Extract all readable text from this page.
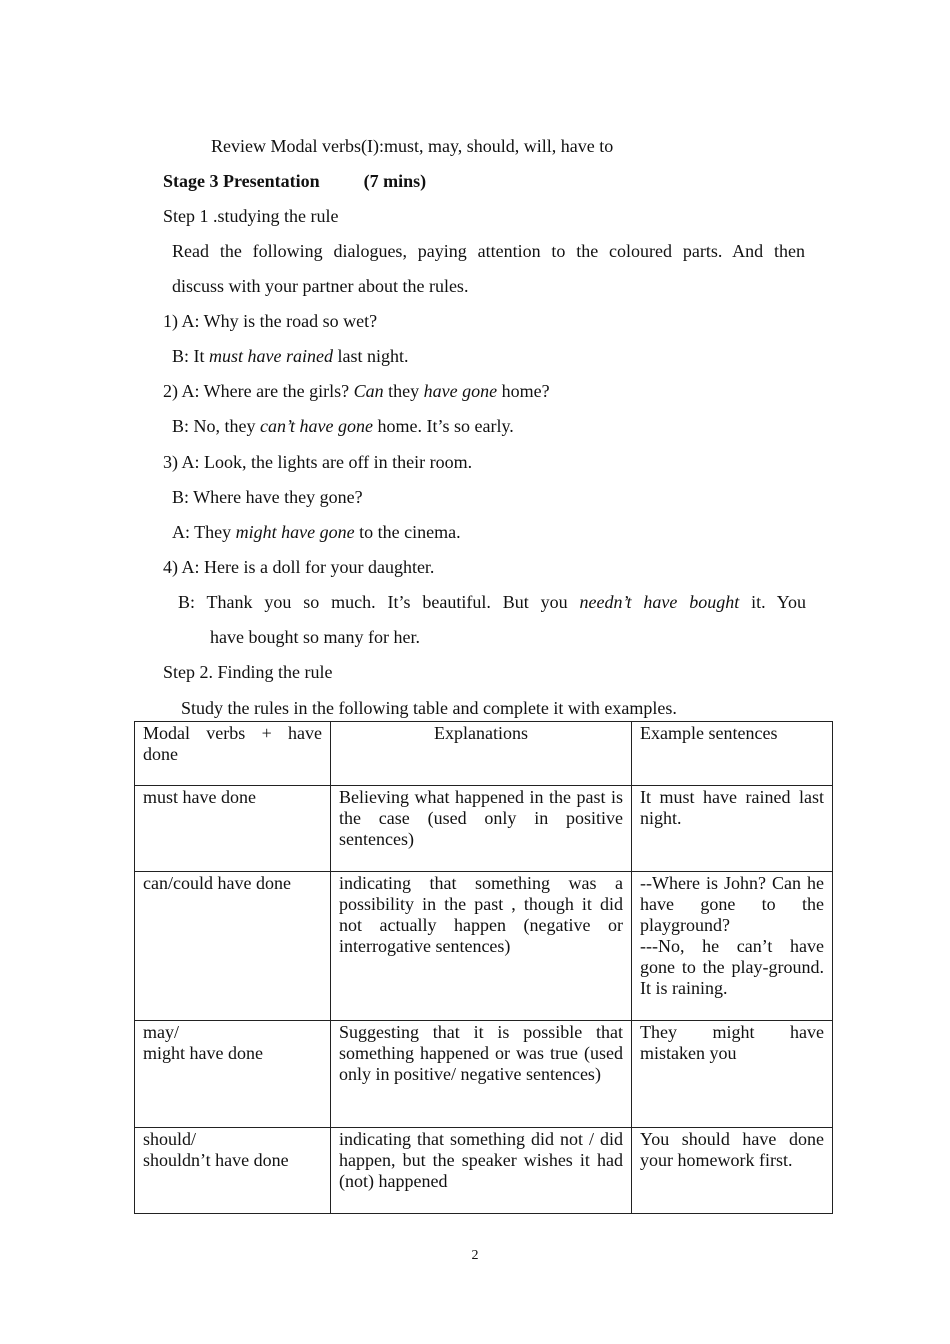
Review Modal verbs(I):must, may, should, will, have to
Stage 3 Presentation (7 mins)
Step 1 .studying the rule
Read the following dialogues, paying attention to the coloured parts. And then
discuss with your partner about the rules.
1) A: Why is the road so wet?
B: It must have rained last night.
2) A: Where are the girls? Can they have gone home?
B: No, they can’t have gone home. It’s so early.
3) A: Look, the lights are off in their room.
B: Where have they gone?
A: They might have gone to the cinema.
4) A: Here is a doll for your daughter.
B: Thank you so much. It’s beautiful. But you needn’t have bought it. You
have bought so many for her.
Step 2. Finding the rule
Study the rules in the following table and complete it with examples.
Modal verbs + have done	Explanations	Example sentences
must have done	Believing what happened in the past is the case (used only in positive sentences)	It must have rained last night.
can/could have done	indicating that something was a possibility in the past , though it did not actually happen (negative or interrogative sentences)	--Where is John? Can he have gone to the playground?
---No, he can’t have gone to the play-ground. It is raining.

may/
might have done	Suggesting that it is possible that something happened or was true (used only in positive/ negative sentences)	They might have mistaken you

should/
shouldn’t have done	indicating that something did not / did happen, but the speaker wishes it had (not) happened	You should have done your homework first.
2
